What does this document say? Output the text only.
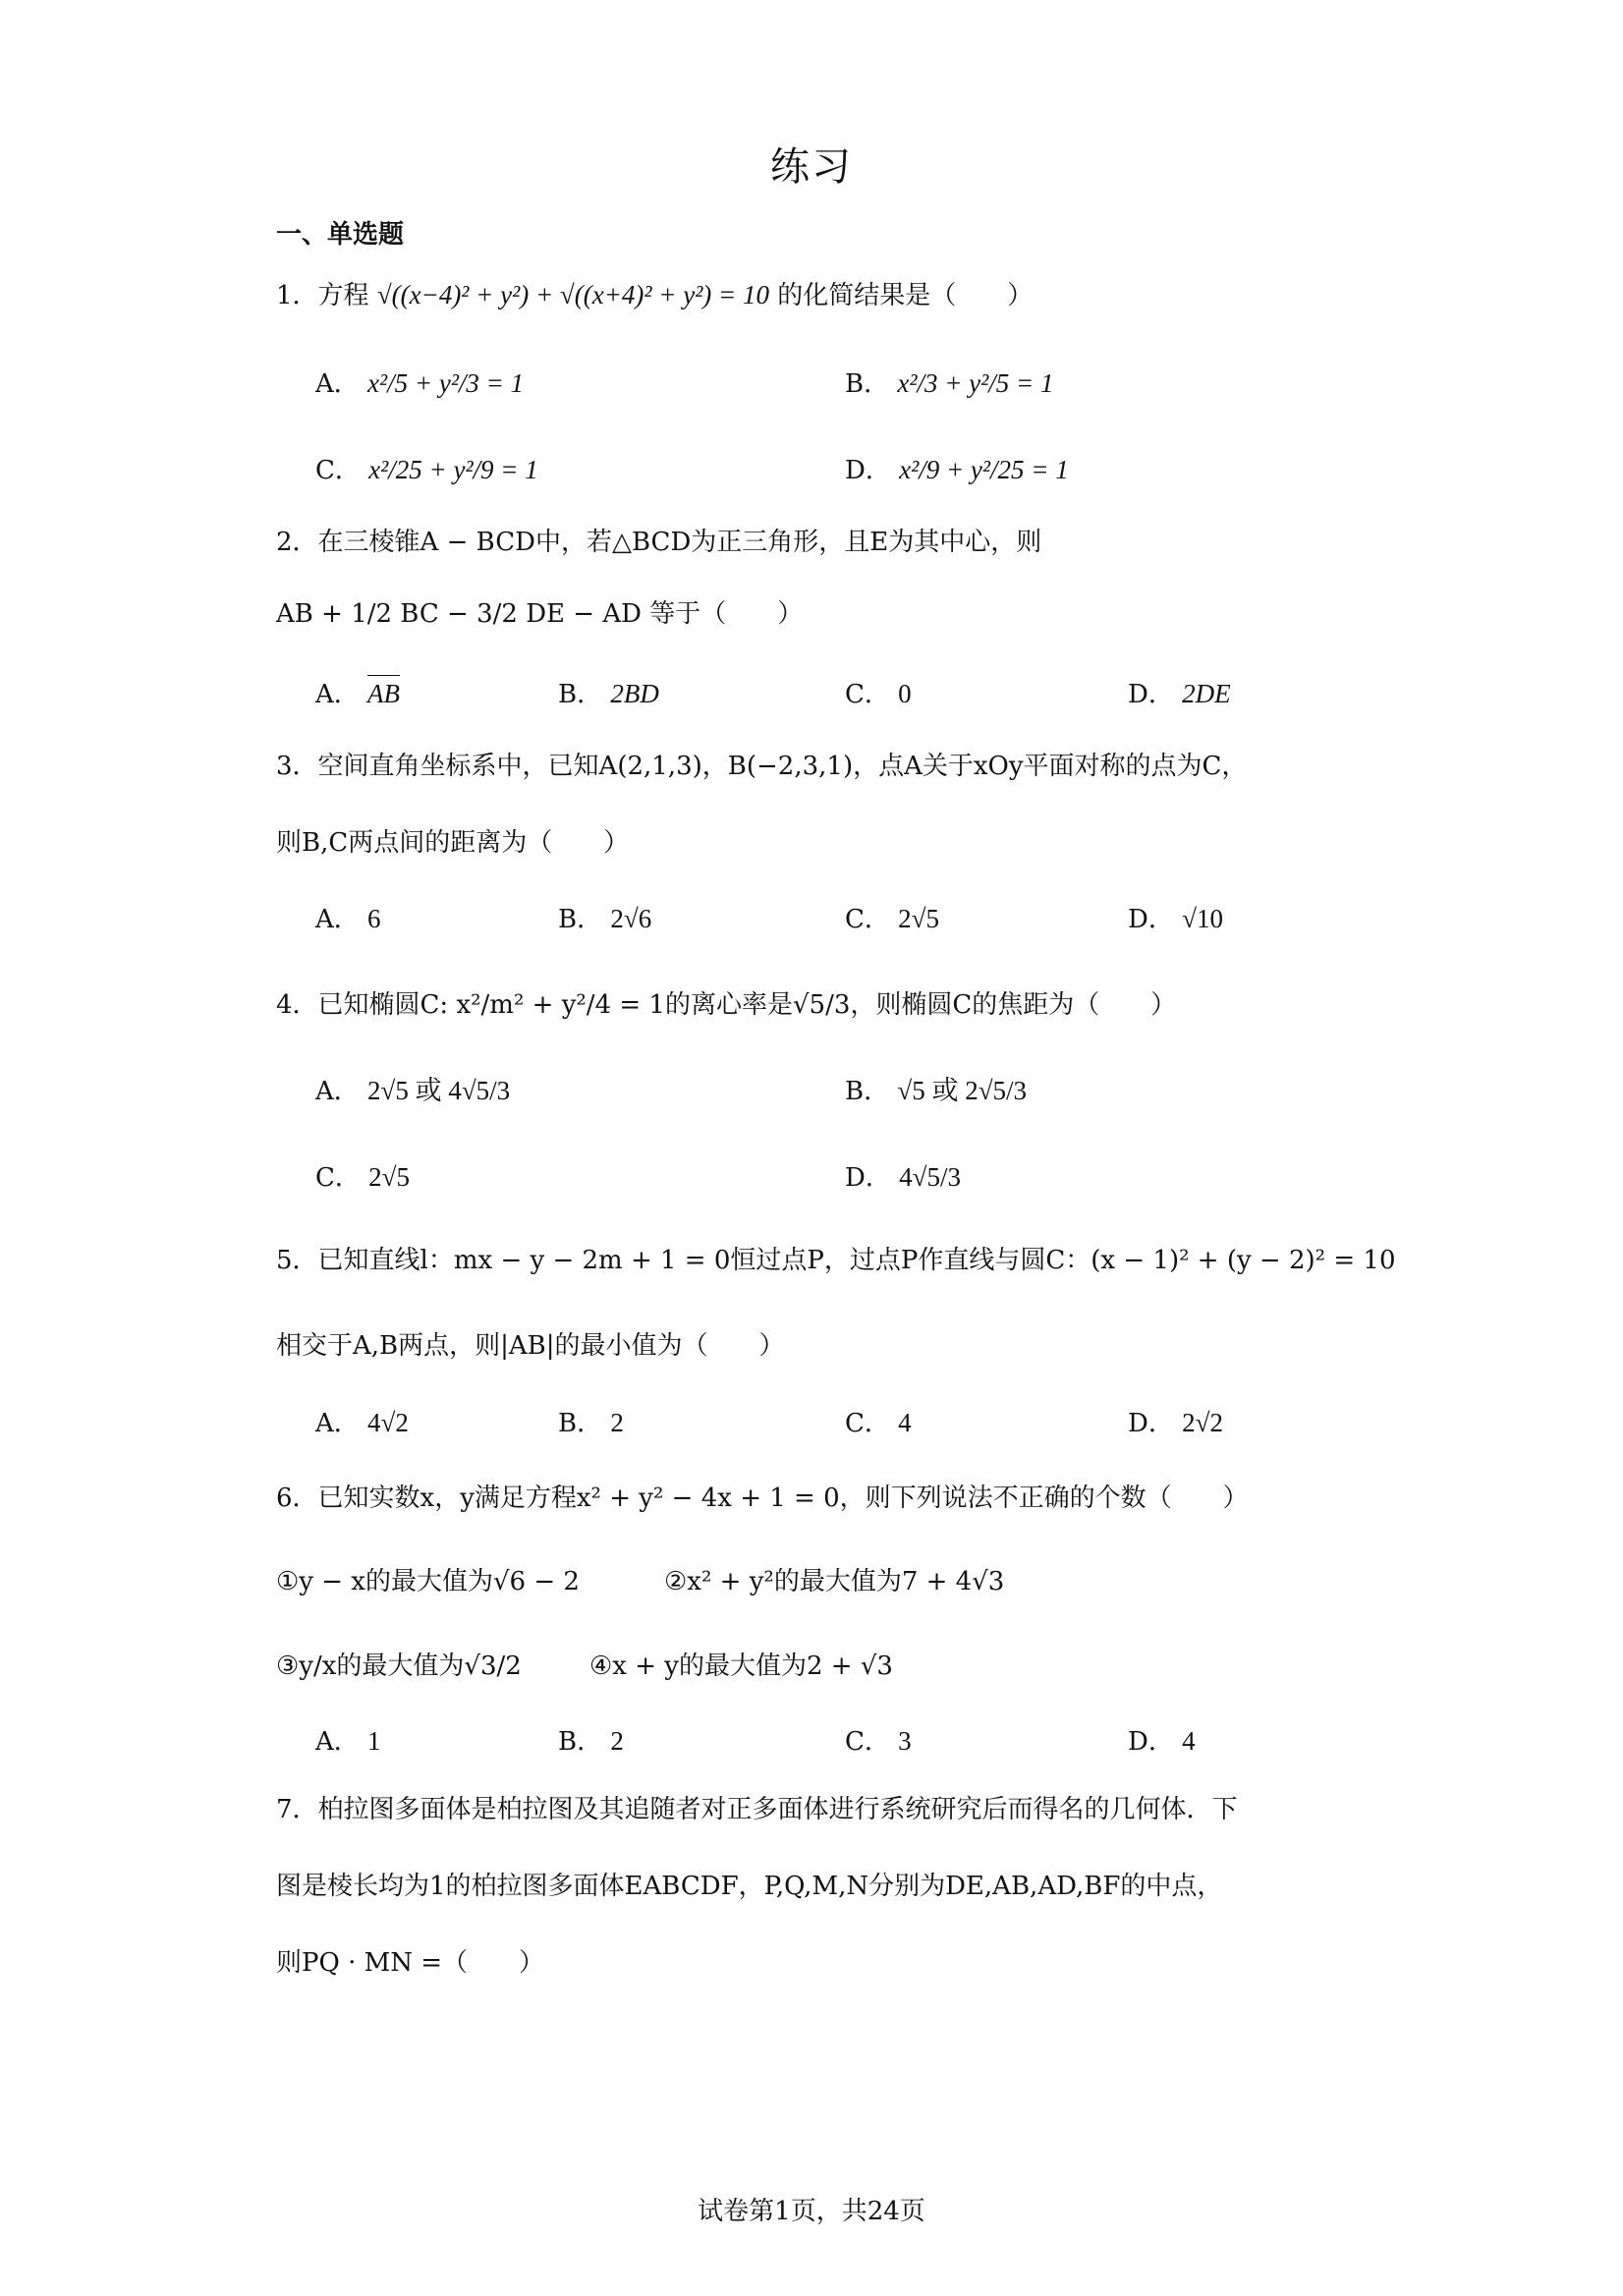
练习
一、单选题
1．方程 √((x−4)² + y²) + √((x+4)² + y²) = 10 的化简结果是（　　）
A． x²/5 + y²/3 = 1	B． x²/3 + y²/5 = 1
C． x²/25 + y²/9 = 1	D． x²/9 + y²/25 = 1
2．在三棱锥A − BCD中，若△BCD为正三角形，且E为其中心，则
AB + 1/2 BC − 3/2 DE − AD 等于（　　）
A． AB	B． 2BD	C． 0	D． 2DE
3．空间直角坐标系中，已知A(2,1,3)，B(−2,3,1)，点A关于xOy平面对称的点为C，
则B,C两点间的距离为（　　）
A． 6	B． 2√6	C． 2√5	D． √10
4．已知椭圆C: x²/m² + y²/4 = 1的离心率是√5/3，则椭圆C的焦距为（　　）
A． 2√5 或 4√5/3	B． √5 或 2√5/3
C． 2√5	D． 4√5/3
5．已知直线l：mx − y − 2m + 1 = 0恒过点P，过点P作直线与圆C：(x − 1)² + (y − 2)² = 10
相交于A,B两点，则|AB|的最小值为（　　）
A． 4√2	B． 2	C． 4	D． 2√2
6．已知实数x，y满足方程x² + y² − 4x + 1 = 0，则下列说法不正确的个数（　　）
①y − x的最大值为√6 − 2	②x² + y²的最大值为7 + 4√3
③y/x的最大值为√3/2	④x + y的最大值为2 + √3
A． 1	B． 2	C． 3	D． 4
7．柏拉图多面体是柏拉图及其追随者对正多面体进行系统研究后而得名的几何体．下
图是棱长均为1的柏拉图多面体EABCDF，P,Q,M,N分别为DE,AB,AD,BF的中点，
则PQ · MN =（　　）
试卷第1页，共24页
